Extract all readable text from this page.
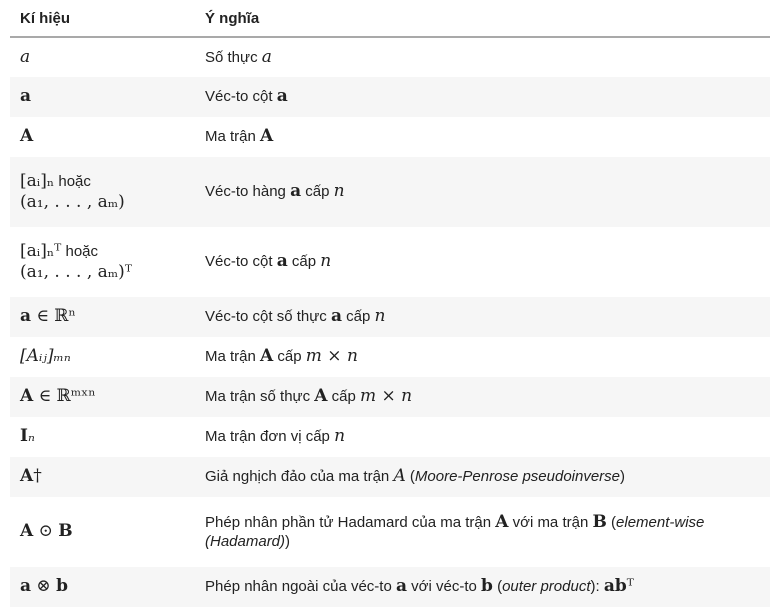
Kí hiệu	Ý nghĩa
a	Số thực a
a	Véc-to cột a
A	Ma trận A

[aᵢ]ₙ hoặc
(a₁, . . . , aₘ)	Véc-to hàng a cấp n

[aᵢ]ₙᵀ hoặc
(a₁, . . . , aₘ)ᵀ	Véc-to cột a cấp n
a ∈ ℝⁿ	Véc-to cột số thực a cấp n
[Aᵢⱼ]ₘₙ	Ma trận A cấp m × n
A ∈ ℝᵐˣⁿ	Ma trận số thực A cấp m × n
Iₙ	Ma trận đơn vị cấp n
A†	Giả nghịch đảo của ma trận A (Moore-Penrose pseudoinverse)
A ⊙ B	Phép nhân phần tử Hadamard của ma trận A với ma trận B (element-wise (Hadamard))
a ⊗ b	Phép nhân ngoài của véc-to a với véc-to b (outer product): abᵀ
